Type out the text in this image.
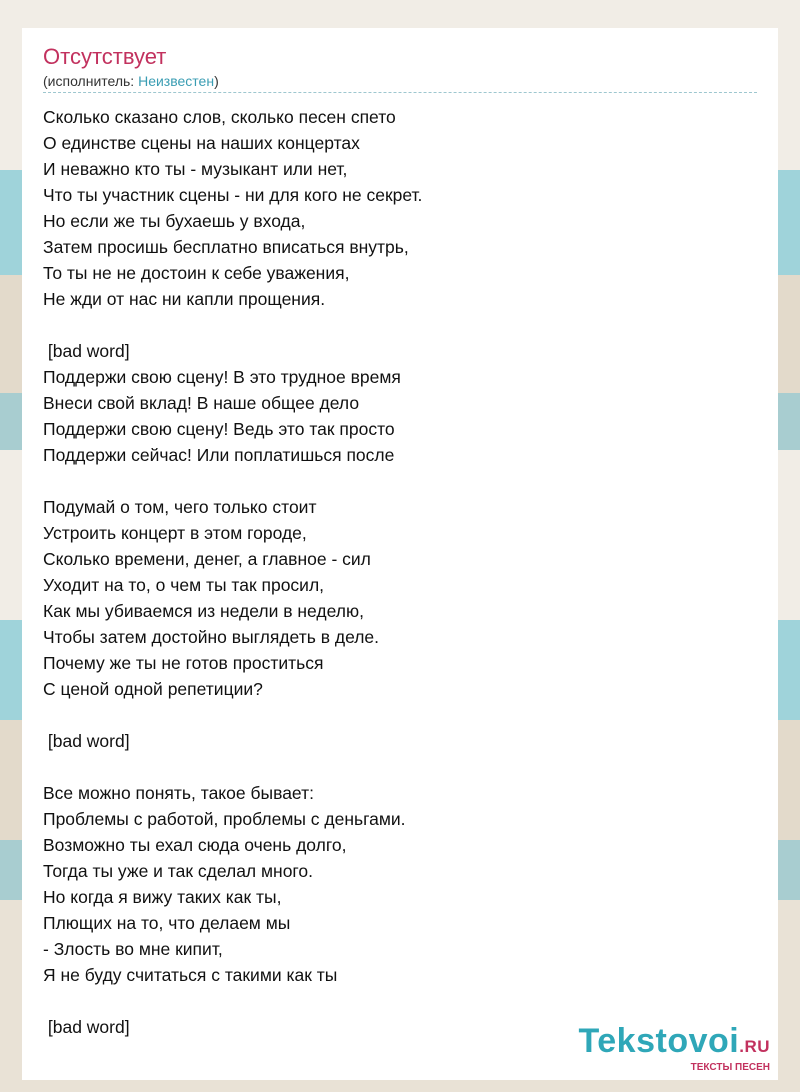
Отсутствует
(исполнитель: Неизвестен)
Сколько сказано слов, сколько песен спето
О единстве сцены на наших концертах
И неважно кто ты - музыкант или нет,
Что ты участник сцены - ни для кого не секрет.
Но если же ты бухаешь у входа,
Затем просишь бесплатно вписаться внутрь,
То ты не не достоин к себе уважения,
Не жди от нас ни капли прощения.
[bad word]
Поддержи свою сцену! В это трудное время
Внеси свой вклад! В наше общее дело
Поддержи свою сцену! Ведь это так просто
Поддержи сейчас! Или поплатишься после
Подумай о том, чего только стоит
Устроить концерт в этом городе,
Сколько времени, денег, а главное - сил
Уходит на то, о чем ты так просил,
Как мы убиваемся из недели в неделю,
Чтобы затем достойно выглядеть в деле.
Почему же ты не готов проститься
С ценой одной репетиции?
[bad word]
Все можно понять, такое бывает:
Проблемы с работой, проблемы с деньгами.
Возможно ты ехал сюда очень долго,
Тогда ты уже и так сделал много.
Но когда я вижу таких как ты,
Плющих на то, что делаем мы
- Злость во мне кипит,
Я не буду считаться с такими как ты
[bad word]	Tekstovoi.RU
ТЕКСТЫ ПЕСЕН
